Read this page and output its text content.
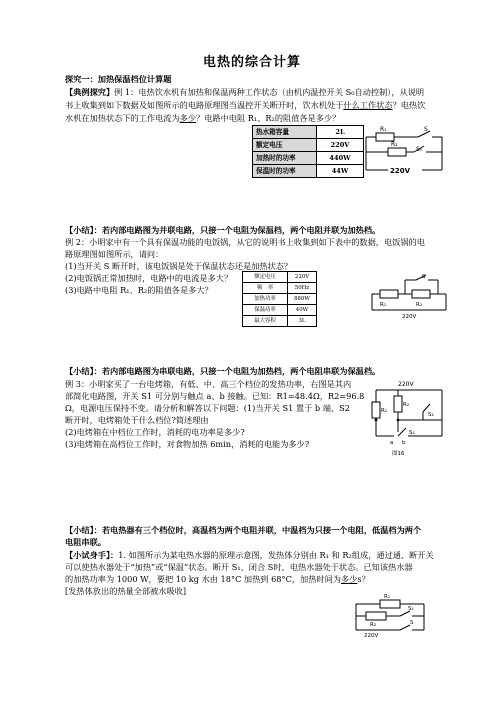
电热的综合计算
探究一：加热保温档位计算题
【典例探究】例 1：电热饮水机有加热和保温两种工作状态（由机内温控开关 S₀自动控制），从说明
书上收集到如下数据及如图所示的电路原理图当温控开关断开时，饮水机处于什么工作状态？电热饮
水机在加热状态下的工作电流为多少？电路中电阻 R₁、R₂的阻值各是多少？
热水箱容量	2L
额定电压	220V
加热时的功率	440W
保温时的功率	44W
R₁
R₂
S₀
S
220V
【小结】：若内部电路图为并联电路，只接一个电阻为保温档，两个电阻并联为加热档。
例 2：小明家中有一个具有保温功能的电饭锅，从它的说明书上收集到如下表中的数据，电饭锅的电
路原理图如图所示，请问：
(1)当开关 S 断开时，该电饭锅是处于保温状态还是加热状态？
(2)电饭锅正常加热时，电路中的电流是多大？
(3)电路中电阻 R₁、R₂的阻值各是多大？
额定电压	220V
频　率	50Hz
加热功率	880W
保温功率	40W
最大容积	3L
S
R₁	R₂
220V
【小结】：若内部电路图为串联电路，只接一个电阻为加热档，两个电阻串联为保温档。
例 3：小明家买了一台电烤箱，有低、中、高三个档位的发热功率，右图是其内
部简化电路图，开关 S1 可分别与触点 a、b 接触。已知：R1=48.4Ω，R2=96.8
Ω，电源电压保持不变。请分析和解答以下问题：(1)当开关 S1 置于 b 端、S2
断开时，电烤箱处于什么档位?简述理由
(2)电烤箱在中档位工作时，消耗的电功率是多少?
(3)电烤箱在高档位工作时，对食物加热 6min，消耗的电能为多少?
220V
R₁
R₂
S₂
S₁
a b
图16
【小结】：若电热器有三个档位时，高温档为两个电阻并联，中温档为只接一个电阻，低温档为两个
电阻串联。
【小试身手】：1. 如图所示为某电热水器的原理示意图，发热体分别由 R₁ 和 R₂组成，通过通、断开关
可以使热水器处于“加热”或“保温”状态。断开 S₁、闭合 S时，电热水器处于状态。已知该热水器
的加热功率为 1000 W，要把 10 kg 水由 18°C 加热到 68°C，加热时间为多少s？
[发热体放出的热量全部被水吸收]
R₁
R₂
S₁
S
220V
